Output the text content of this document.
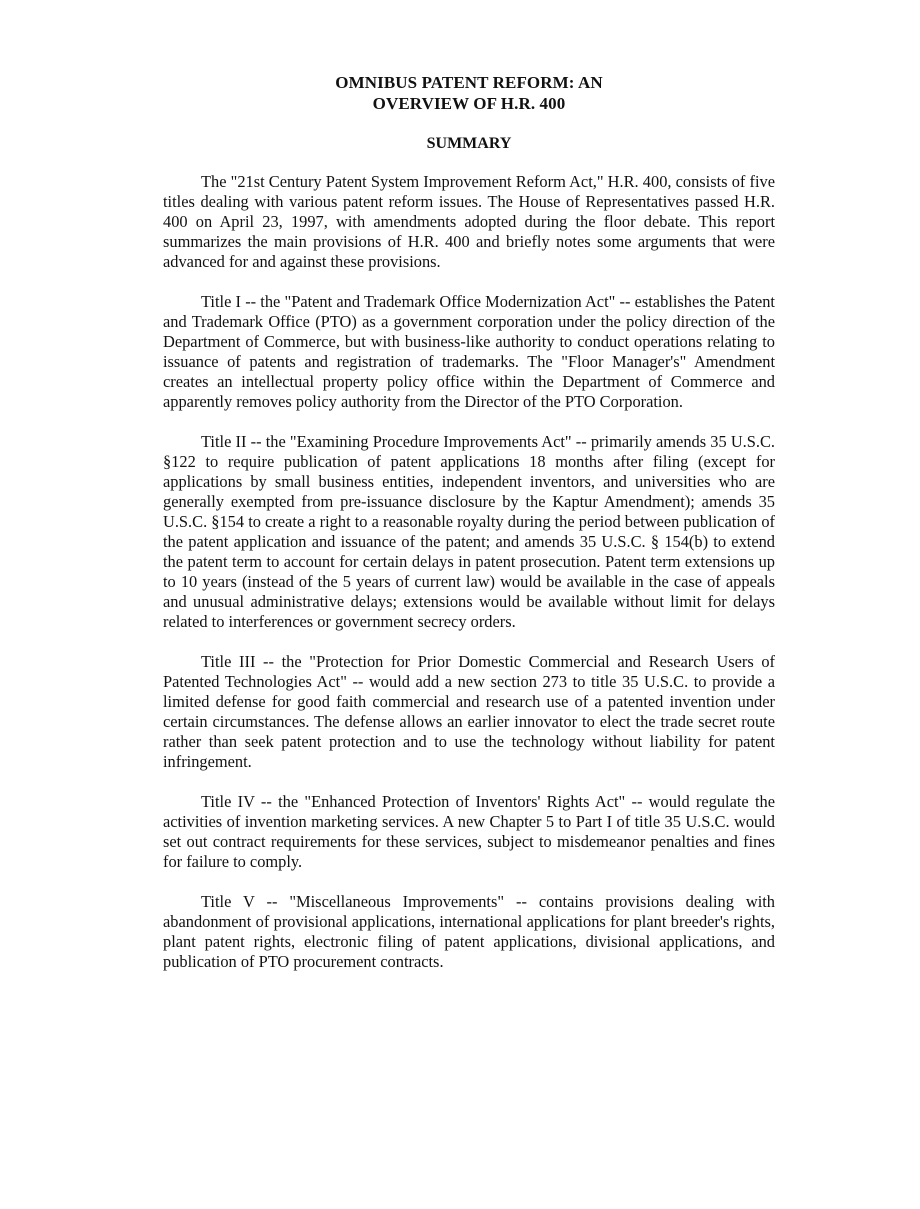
OMNIBUS PATENT REFORM: AN
OVERVIEW OF H.R. 400
SUMMARY

The "21st Century Patent System Improvement Reform Act," H.R. 400, consists of five titles dealing with various patent reform issues. The House of Representatives passed H.R. 400 on April 23, 1997, with amendments adopted during the floor debate. This report summarizes the main provisions of H.R. 400 and briefly notes some arguments that were advanced for and against these provisions.

Title I -- the "Patent and Trademark Office Modernization Act" -- establishes the Patent and Trademark Office (PTO) as a government corporation under the policy direction of the Department of Commerce, but with business-like authority to conduct operations relating to issuance of patents and registration of trademarks. The "Floor Manager's" Amendment creates an intellectual property policy office within the Department of Commerce and apparently removes policy authority from the Director of the PTO Corporation.

Title II -- the "Examining Procedure Improvements Act" -- primarily amends 35 U.S.C. §122 to require publication of patent applications 18 months after filing (except for applications by small business entities, independent inventors, and universities who are generally exempted from pre-issuance disclosure by the Kaptur Amendment); amends 35 U.S.C. §154 to create a right to a reasonable royalty during the period between publication of the patent application and issuance of the patent; and amends 35 U.S.C. § 154(b) to extend the patent term to account for certain delays in patent prosecution. Patent term extensions up to 10 years (instead of the 5 years of current law) would be available in the case of appeals and unusual administrative delays; extensions would be available without limit for delays related to interferences or government secrecy orders.

Title III -- the "Protection for Prior Domestic Commercial and Research Users of Patented Technologies Act" -- would add a new section 273 to title 35 U.S.C. to provide a limited defense for good faith commercial and research use of a patented invention under certain circumstances. The defense allows an earlier innovator to elect the trade secret route rather than seek patent protection and to use the technology without liability for patent infringement.

Title IV -- the "Enhanced Protection of Inventors' Rights Act" -- would regulate the activities of invention marketing services. A new Chapter 5 to Part I of title 35 U.S.C. would set out contract requirements for these services, subject to misdemeanor penalties and fines for failure to comply.

Title V -- "Miscellaneous Improvements" -- contains provisions dealing with abandonment of provisional applications, international applications for plant breeder's rights, plant patent rights, electronic filing of patent applications, divisional applications, and publication of PTO procurement contracts.
